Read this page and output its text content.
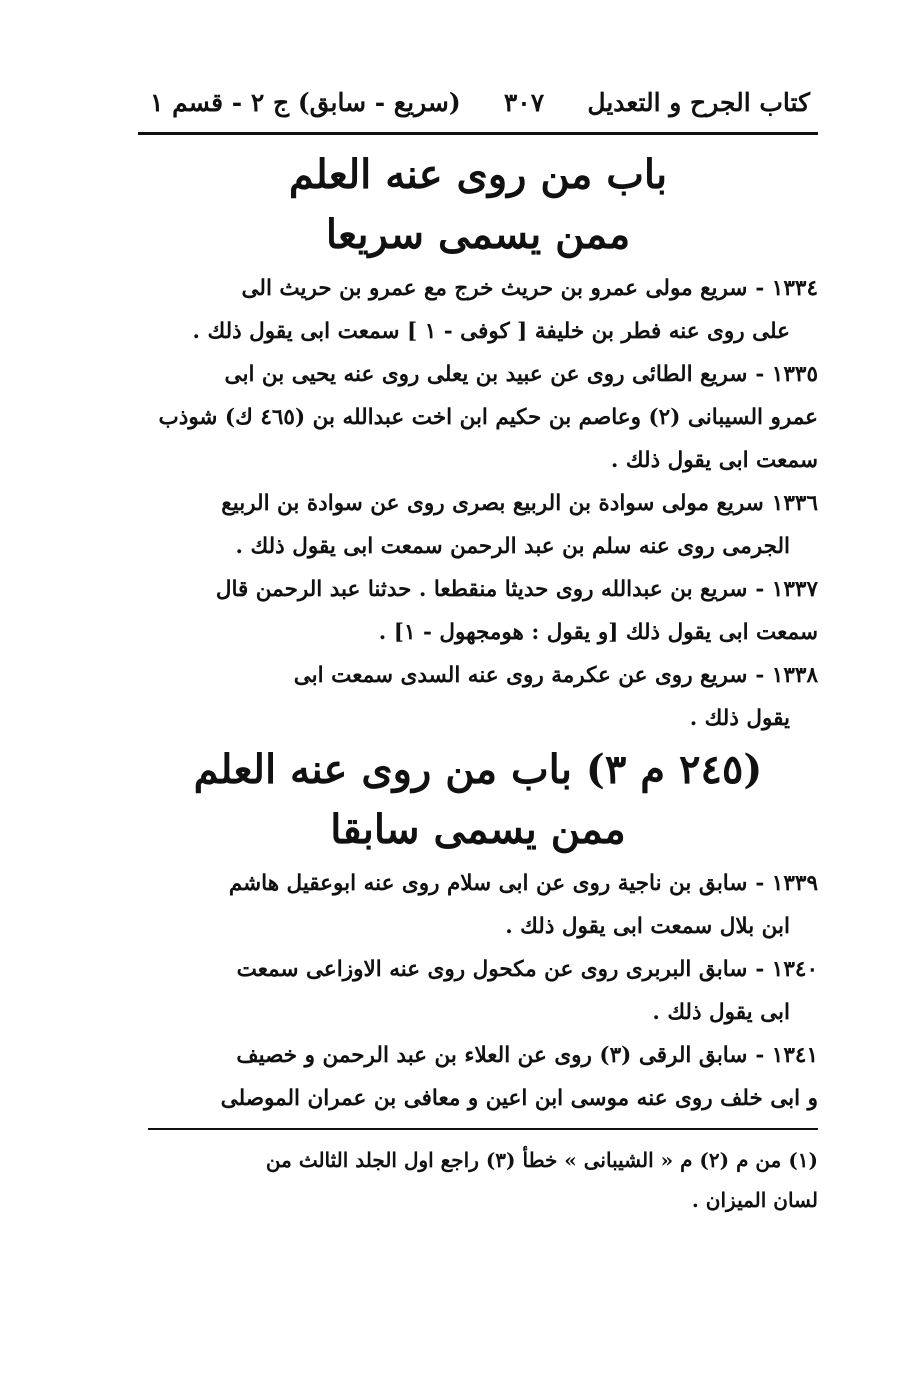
كتاب الجرح و التعديل
٣٠٧
(سريع - سابق) ج ٢ - قسم ١

باب من روى عنه العلم

ممن يسمى سريعا

١٣٣٤ -سريع مولى عمرو بن حريث خرج مع عمرو بن حريث الى
على روى عنه فطر بن خليفة [ كوفى - ١ ] سمعت ابى يقول ذلك .
١٣٣٥ -سريع الطائى روى عن عبيد بن يعلى روى عنه يحيى بن ابى
عمرو السيبانى (٢) وعاصم بن حكيم ابن اخت عبدالله بن (٤٦٥ ك) شوذب
سمعت ابى يقول ذلك .
١٣٣٦سريع مولى سوادة بن الربيع بصرى روى عن سوادة بن الربيع
الجرمى روى عنه سلم بن عبد الرحمن سمعت ابى يقول ذلك .
١٣٣٧ -سريع بن عبدالله روى حديثا منقطعا . حدثنا عبد الرحمن قال
سمعت ابى يقول ذلك [و يقول : هومجهول - ١] .
١٣٣٨ -سريع روى عن عكرمة روى عنه السدى سمعت ابى
يقول ذلك .

(٢٤٥ م ٣) باب من روى عنه العلم

ممن يسمى سابقا

١٣٣٩ -سابق بن ناجية روى عن ابى سلام روى عنه ابوعقيل هاشم
ابن بلال سمعت ابى يقول ذلك .
١٣٤٠ -سابق البربرى روى عن مكحول روى عنه الاوزاعى سمعت
ابى يقول ذلك .
١٣٤١ -سابق الرقى (٣) روى عن العلاء بن عبد الرحمن و خصيف
و ابى خلف روى عنه موسى ابن اعين و معافى بن عمران الموصلى
(١) من م (٢) م « الشيبانى » خطأ (٣) راجع اول الجلد الثالث من
لسان الميزان .
